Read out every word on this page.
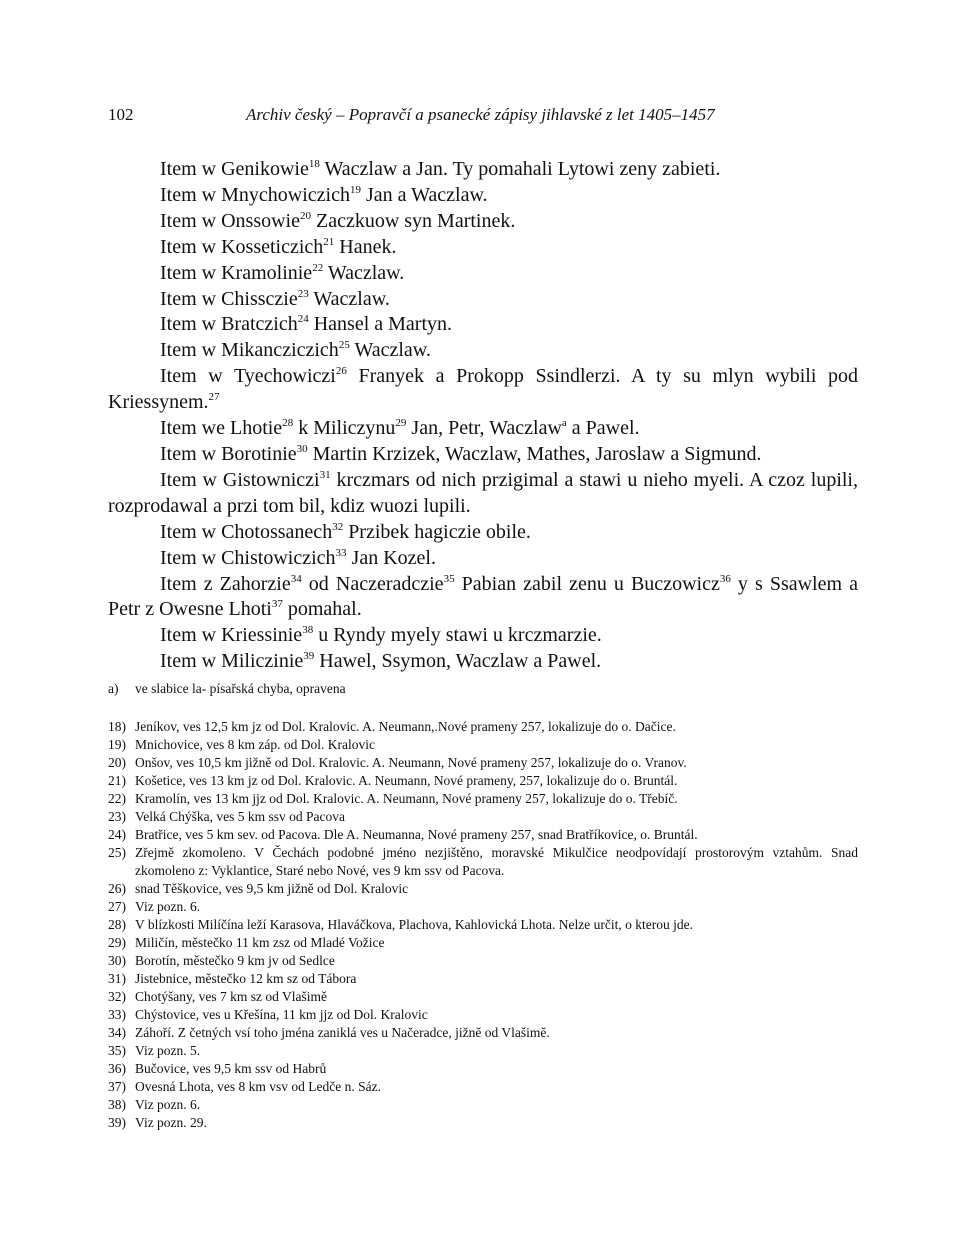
102	Archiv český – Popravčí a psanecké zápisy jihlavské z let 1405–1457

Item w Genikowie$^{18}$ Waczlaw a Jan. Ty pomahali Lytowi zeny zabieti.

Item w Mnychowiczich$^{19}$ Jan a Waczlaw.

Item w Onssowie$^{20}$ Zaczkuow syn Martinek.

Item w Kosseticzich$^{21}$ Hanek.

Item w Kramolinie$^{22}$ Waczlaw.

Item w Chissczie$^{23}$ Waczlaw.

Item w Bratczich$^{24}$ Hansel a Martyn.

Item w Mikancziczich$^{25}$ Waczlaw.

Item w Tyechowiczi$^{26}$ Franyek a Prokopp Ssindlerzi. A ty su mlyn wybili pod Kriessynem.$^{27}$

Item we Lhotie$^{28}$ k Miliczynu$^{29}$ Jan, Petr, Waczlaw$^a$ a Pawel.

Item w Borotinie$^{30}$ Martin Krzizek, Waczlaw, Mathes, Jaroslaw a Sigmund.

Item w Gistowniczi$^{31}$ krczmars od nich przigimal a stawi u nieho myeli. A czoz lupili, rozprodawal a przi tom bil, kdiz wuozi lupili.

Item w Chotossanech$^{32}$ Przibek hagiczie obile.

Item w Chistowiczich$^{33}$ Jan Kozel.

Item z Zahorzie$^{34}$ od Naczeradczie$^{35}$ Pabian zabil zenu u Buczowicz$^{36}$ y s Ssawlem a Petr z Owesne Lhoti$^{37}$ pomahal.

Item w Kriessinie$^{38}$ u Ryndy myely stawi u krczmarzie.

Item w Miliczinie$^{39}$ Hawel, Ssymon, Waczlaw a Pawel.

a)	ve slabice la- písařská chyba, opravena

18) Jeníkov, ves 12,5 km jz od Dol. Kralovic. A. Neumann,.Nové prameny 257, lokalizuje do o. Dačice.

19) Mnichovice, ves 8 km záp. od Dol. Kralovic

20) Onšov, ves 10,5 km jižně od Dol. Kralovic. A. Neumann, Nové prameny 257, lokalizuje do o. Vranov.

21) Košetice, ves 13 km jz od Dol. Kralovic. A. Neumann, Nové prameny, 257, lokalizuje do o. Bruntál.

22) Kramolín, ves 13 km jjz od Dol. Kralovic. A. Neumann, Nové prameny 257, lokalizuje do o. Třebíč.

23) Velká Chýška, ves 5 km ssv od Pacova

24) Bratřice, ves 5 km sev. od Pacova. Dle A. Neumanna, Nové prameny 257, snad Bratříkovice, o. Bruntál.

25) Zřejmě zkomoleno. V Čechách podobné jméno nezjištěno, moravské Mikulčice neodpovídají prostorovým vztahům. Snad zkomoleno z: Vyklantice, Staré nebo Nové, ves 9 km ssv od Pacova.

26) snad Těškovice, ves 9,5 km jižně od Dol. Kralovic

27) Viz pozn. 6.

28) V blízkosti Milíčína leží Karasova, Hlaváčkova, Plachova, Kahlovická Lhota. Nelze určit, o kterou jde.

29) Miličín, městečko 11 km zsz od Mladé Vožice

30) Borotín, městečko 9 km jv od Sedlce

31) Jistebnice, městečko 12 km sz od Tábora

32) Chotýšany, ves 7 km sz od Vlašimě

33) Chýstovice, ves u Křešína, 11 km jjz od Dol. Kralovic

34) Záhoří. Z četných vsí toho jména zaniklá ves u Načeradce, jižně od Vlašimě.

35) Viz pozn. 5.

36) Bučovice, ves 9,5 km ssv od Habrů

37) Ovesná Lhota, ves 8 km vsv od Ledče n. Sáz.

38) Viz pozn. 6.

39) Viz pozn. 29.
